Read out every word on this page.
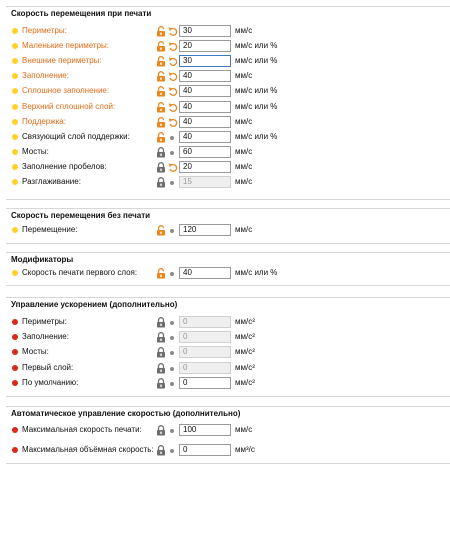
Скорость перемещения при печати
Периметры:	30	мм/с
Маленькие периметры:	20	мм/с или %
Внешние периметры:	30	мм/с или %
Заполнение:	40	мм/с
Сплошное заполнение:	40	мм/с или %
Верхний сплошной слой:	40	мм/с или %
Поддержка:	40	мм/с
Связующий слой поддержки:	40	мм/с или %
Мосты:	60	мм/с
Заполнение пробелов:	20	мм/с
Разглаживание:	15	мм/с
Скорость перемещения без печати
Перемещение:	120	мм/с
Модификаторы
Скорость печати первого слоя:	40	мм/с или %
Управление ускорением (дополнительно)
Периметры:	0	мм/с²
Заполнение:	0	мм/с²
Мосты:	0	мм/с²
Первый слой:	0	мм/с²
По умолчанию:	0	мм/с²
Автоматическое управление скоростью (дополнительно)
Максимальная скорость печати:	100	мм/с
Максимальная объёмная скорость:	0	мм³/с
